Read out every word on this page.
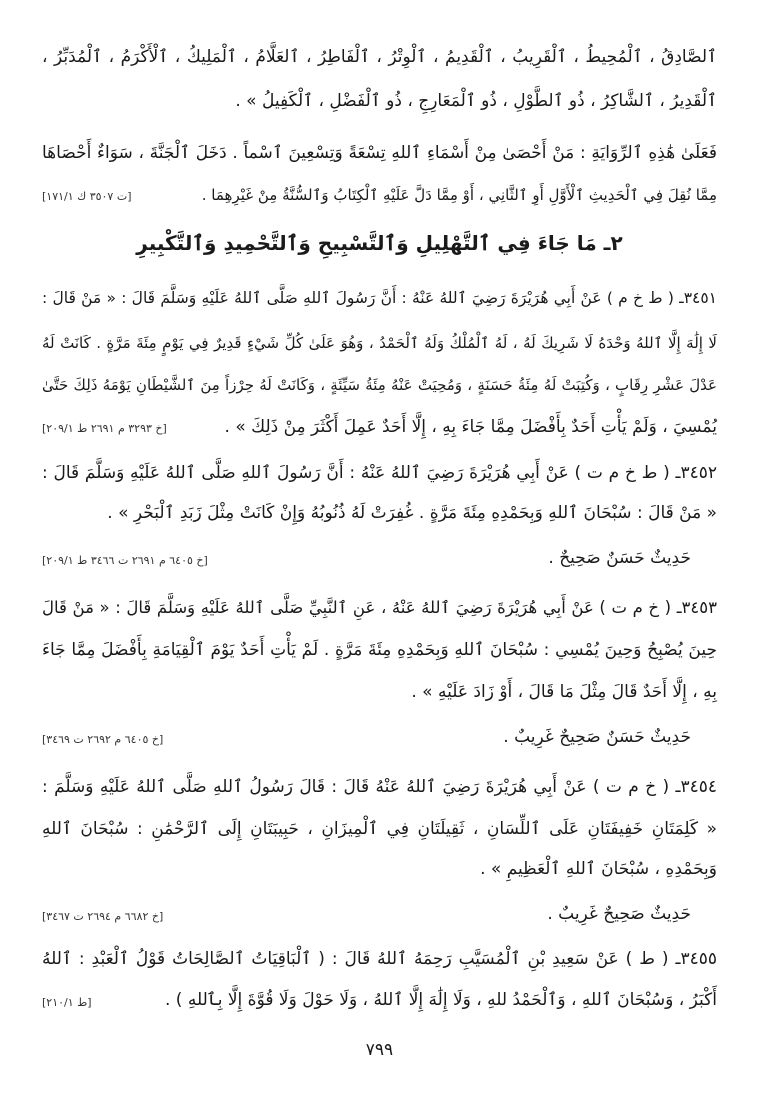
ٱلصَّادِقُ ، ٱلْمُحِيطُ ، ٱلْقَرِيبُ ، ٱلْقَدِيمُ ، ٱلْوِتْرُ ، ٱلْفَاطِرُ ، ٱلعَلَّامُ ، ٱلْمَلِيكُ ، ٱلْأَكْرَمُ ، ٱلْمُدَبِّرُ ،
ٱلْقَدِيرُ ، ٱلشَّاكِرُ ، ذُو ٱلطَّوْلِ ، ذُو ٱلْمَعَارِجِ ، ذُو ٱلْفَضْلِ ، ٱلْكَفِيلُ » .
فَعَلَىٰ هَٰذِهِ ٱلرِّوَايَةِ : مَنْ أَحْصَىٰ مِنْ أَسْمَاءِ ٱللهِ تِسْعَةً وَتِسْعِينَ ٱسْماً . دَخَلَ ٱلْجَنَّةَ ، سَوَاءٌ أَحْصَاهَا
مِمَّا نُقِلَ فِي ٱلْحَدِيثِ ٱلْأَوَّلِ أَوِ ٱلثَّانِي ، أَوْ مِمَّا دَلَّ عَلَيْهِ ٱلْكِتَابُ وَٱلسُّنَّةُ مِنْ غَيْرِهِمَا .
[ت ٣٥٠٧ ك ١٧١/١]
٢ـ مَا جَاءَ فِي ٱلتَّهْلِيلِ وَٱلتَّسْبِيحِ وَٱلتَّحْمِيدِ وَٱلتَّكْبِيرِ
٣٤٥١ـ ( ط خ م ) عَنْ أَبِي هُرَيْرَةَ رَضِيَ ٱللهُ عَنْهُ : أَنَّ رَسُولَ ٱللهِ صَلَّى ٱللهُ عَلَيْهِ وَسَلَّمَ قَالَ : « مَنْ قَالَ :
لَا إِلَٰهَ إِلَّا ٱللهُ وَحْدَهُ لَا شَرِيكَ لَهُ ، لَهُ ٱلْمُلْكُ وَلَهُ ٱلْحَمْدُ ، وَهُوَ عَلَىٰ كُلِّ شَيْءٍ قَدِيرٌ فِي يَوْمٍ مِئَةَ مَرَّةٍ . كَانَتْ لَهُ
عَدْلَ عَشْرِ رِقَابٍ ، وَكُتِبَتْ لَهُ مِئَةُ حَسَنَةٍ ، وَمُحِيَتْ عَنْهُ مِئَةُ سَيِّئَةٍ ، وَكَانَتْ لَهُ حِرْزاً مِنَ ٱلشَّيْطَانِ يَوْمَهُ ذَلِكَ حَتَّىٰ
يُمْسِيَ ، وَلَمْ يَأْتِ أَحَدٌ بِأَفْضَلَ مِمَّا جَاءَ بِهِ ، إِلَّا أَحَدٌ عَمِلَ أَكْثَرَ مِنْ ذَلِكَ » .
[خ ٣٢٩٣ م ٢٦٩١ ط ٢٠٩/١]
٣٤٥٢ـ ( ط خ م ت ) عَنْ أَبِي هُرَيْرَةَ رَضِيَ ٱللهُ عَنْهُ : أَنَّ رَسُولَ ٱللهِ صَلَّى ٱللهُ عَلَيْهِ وَسَلَّمَ قَالَ :
« مَنْ قَالَ : سُبْحَانَ ٱللهِ وَبِحَمْدِهِ مِئَةَ مَرَّةٍ . غُفِرَتْ لَهُ ذُنُوبُهُ وَإِنْ كَانَتْ مِثْلَ زَبَدِ ٱلْبَحْرِ » .
حَدِيثٌ حَسَنٌ صَحِيحٌ .
[خ ٦٤٠٥ م ٢٦٩١ ت ٣٤٦٦ ط ٢٠٩/١]
٣٤٥٣ـ ( خ م ت ) عَنْ أَبِي هُرَيْرَةَ رَضِيَ ٱللهُ عَنْهُ ، عَنِ ٱلنَّبِيِّ صَلَّى ٱللهُ عَلَيْهِ وَسَلَّمَ قَالَ : « مَنْ قَالَ
حِينَ يُصْبِحُ وَحِينَ يُمْسِي : سُبْحَانَ ٱللهِ وَبِحَمْدِهِ مِئَةَ مَرَّةٍ . لَمْ يَأْتِ أَحَدٌ يَوْمَ ٱلْقِيَامَةِ بِأَفْضَلَ مِمَّا جَاءَ
بِهِ ، إِلَّا أَحَدٌ قَالَ مِثْلَ مَا قَالَ ، أَوْ زَادَ عَلَيْهِ » .
حَدِيثٌ حَسَنٌ صَحِيحٌ غَرِيبٌ .
[خ ٦٤٠٥ م ٢٦٩٢ ت ٣٤٦٩]
٣٤٥٤ـ ( خ م ت ) عَنْ أَبِي هُرَيْرَةَ رَضِيَ ٱللهُ عَنْهُ قَالَ : قَالَ رَسُولُ ٱللهِ صَلَّى ٱللهُ عَلَيْهِ وَسَلَّمَ :
« كَلِمَتَانِ خَفِيفَتَانِ عَلَى ٱللِّسَانِ ، ثَقِيلَتَانِ فِي ٱلْمِيزَانِ ، حَبِيبَتَانِ إِلَى ٱلرَّحْمَٰنِ : سُبْحَانَ ٱللهِ
وَبِحَمْدِهِ ، سُبْحَانَ ٱللهِ ٱلْعَظِيمِ » .
حَدِيثٌ صَحِيحٌ غَرِيبٌ .
[خ ٦٦٨٢ م ٢٦٩٤ ت ٣٤٦٧]
٣٤٥٥ـ ( ط ) عَنْ سَعِيدِ بْنِ ٱلْمُسَيَّبِ رَحِمَهُ ٱللهُ قَالَ : ( ٱلْبَاقِيَاتُ ٱلصَّالِحَاتُ قَوْلُ ٱلْعَبْدِ : ٱللهُ
أَكْبَرُ ، وَسُبْحَانَ ٱللهِ ، وَٱلْحَمْدُ للهِ ، وَلَا إِلَٰهَ إِلَّا ٱللهُ ، وَلَا حَوْلَ وَلَا قُوَّةَ إِلَّا بِٱللهِ ) .
[ط ٢١٠/١]
٧٩٩
